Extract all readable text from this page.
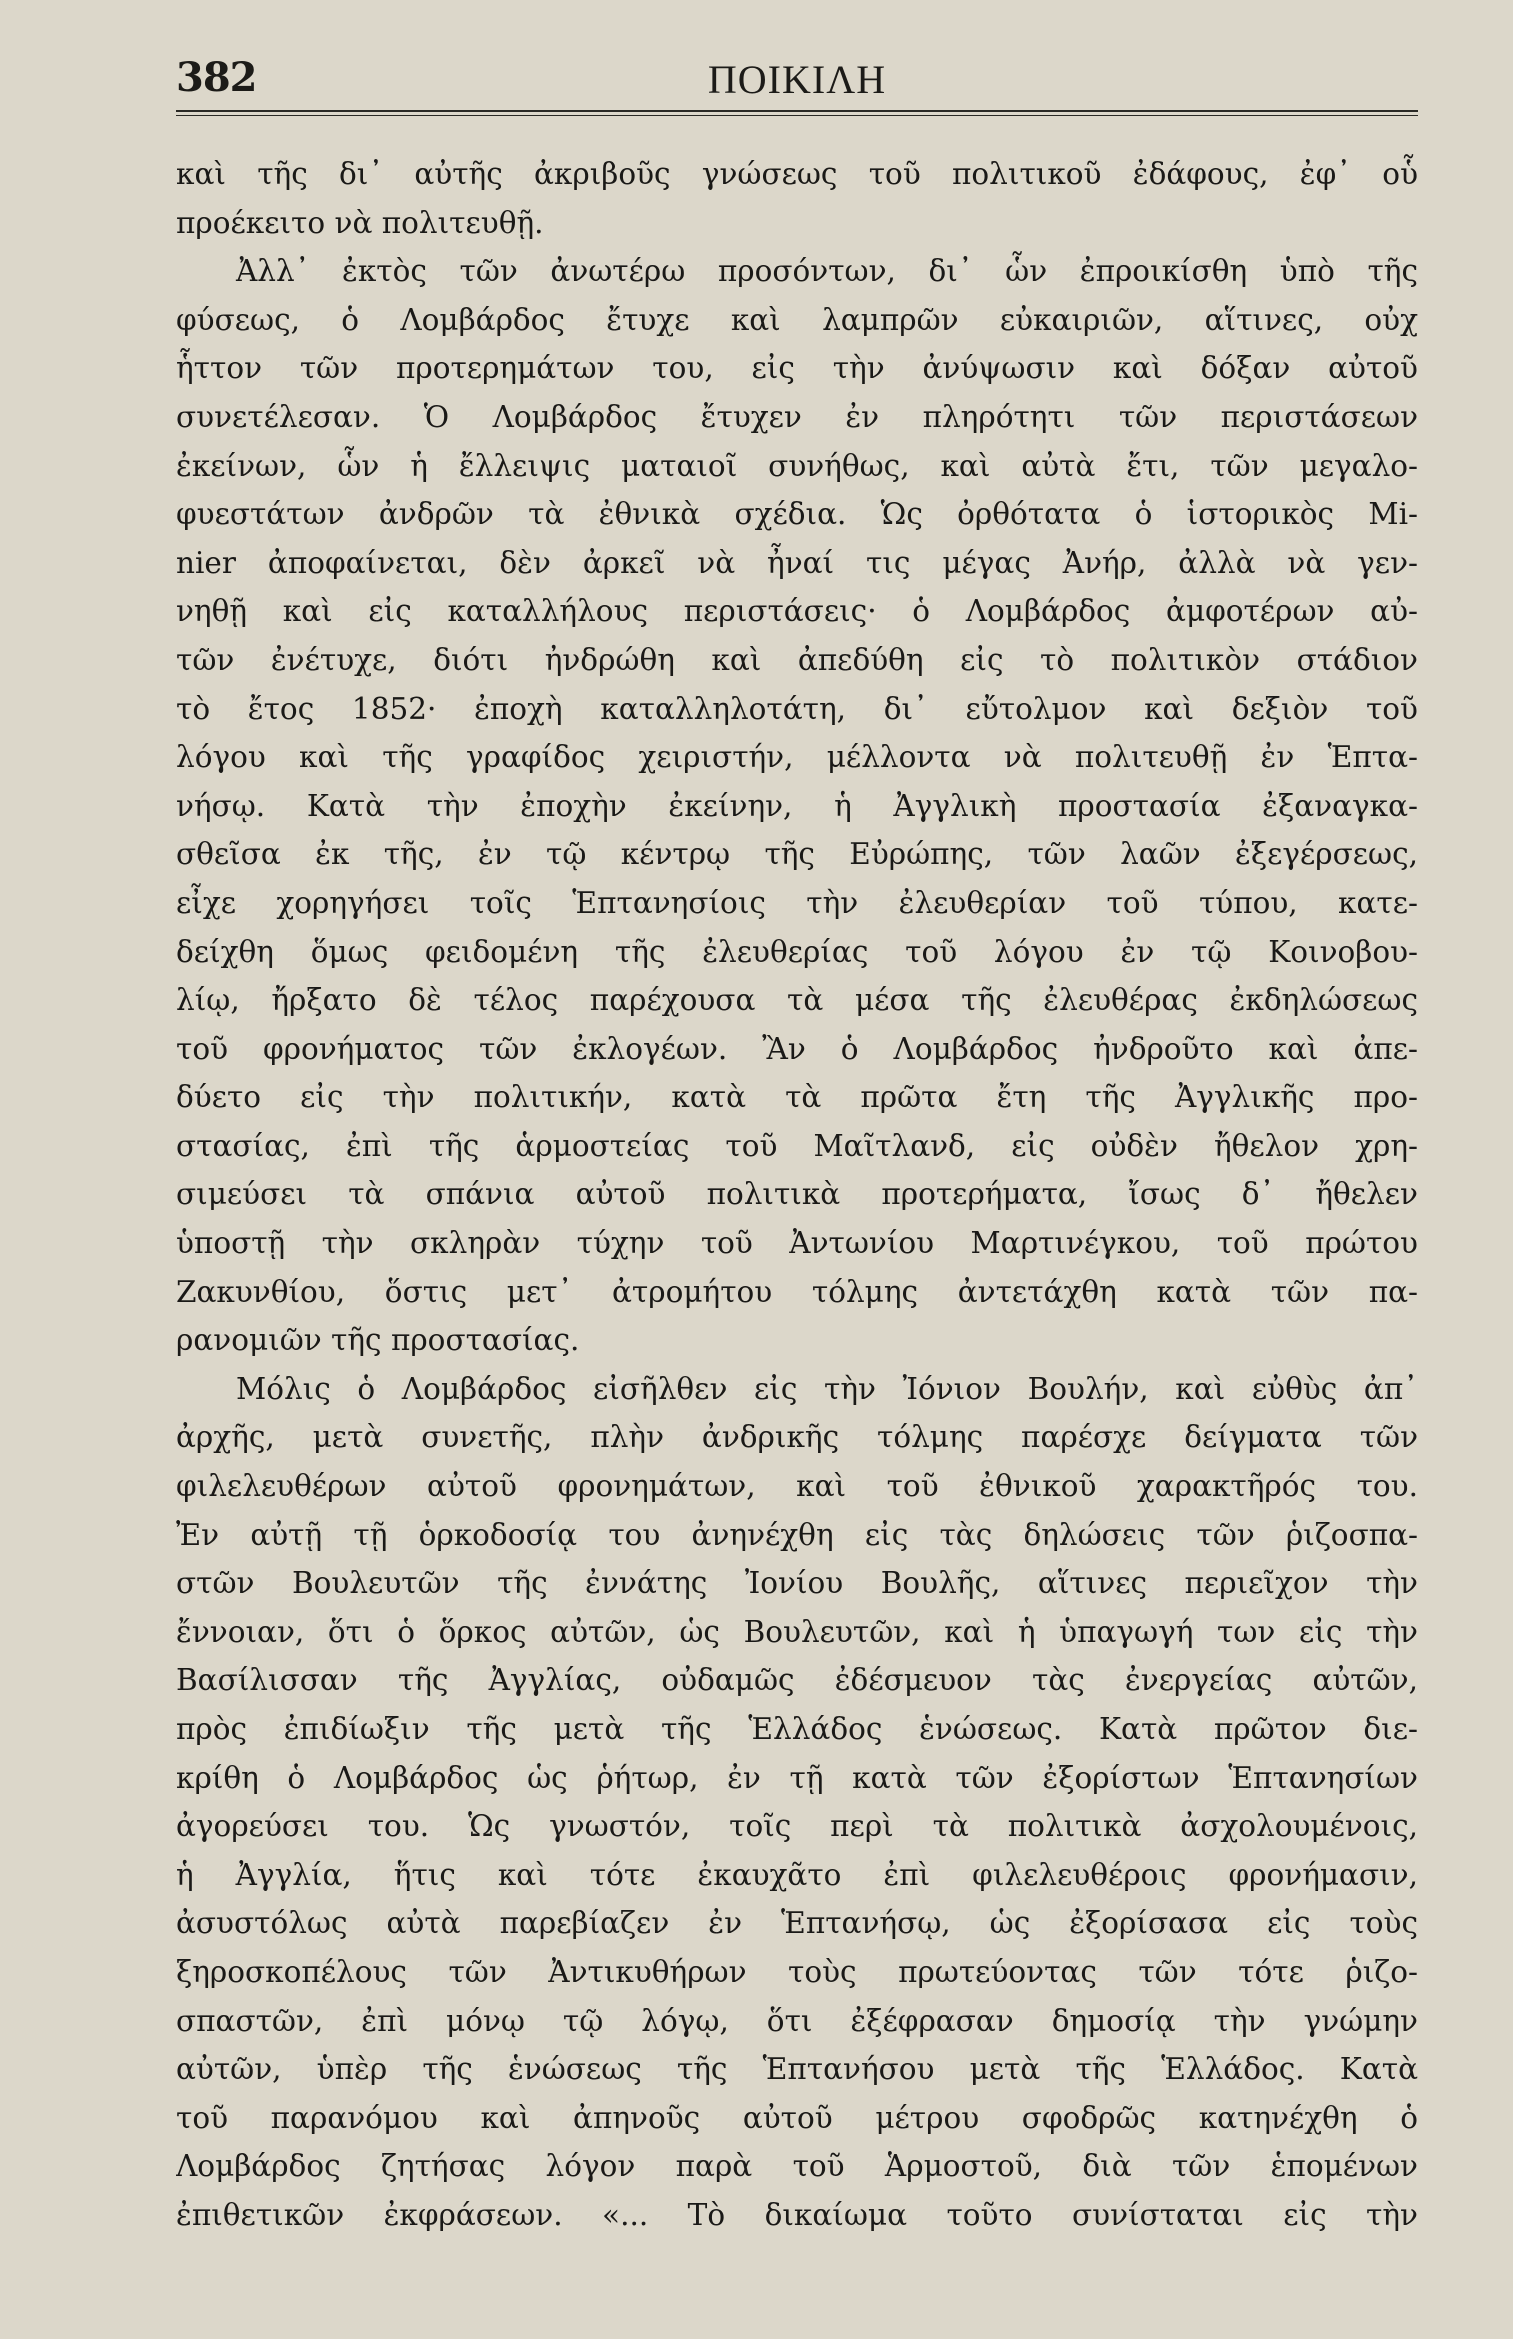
382	ΠΟΙΚΙΛΗ
καὶ τῆς δι᾽ αὐτῆς ἀκριβοῦς γνώσεως τοῦ πολιτικοῦ ἐδάφους, ἐφ᾽ οὗ
προέκειτο νὰ πολιτευθῇ.
Ἀλλ᾽ ἐκτὸς τῶν ἀνωτέρω προσόντων, δι᾽ ὧν ἐπροικίσθη ὑπὸ τῆς
φύσεως, ὁ Λομβάρδος ἔτυχε καὶ λαμπρῶν εὐκαιριῶν, αἵτινες, οὐχ
ἧττον τῶν προτερημάτων του, εἰς τὴν ἀνύψωσιν καὶ δόξαν αὐτοῦ
συνετέλεσαν. Ὁ Λομβάρδος ἔτυχεν ἐν πληρότητι τῶν περιστάσεων
ἐκείνων, ὧν ἡ ἔλλειψις ματαιοῖ συνήθως, καὶ αὐτὰ ἔτι, τῶν μεγαλο-
φυεστάτων ἀνδρῶν τὰ ἐθνικὰ σχέδια. Ὡς ὀρθότατα ὁ ἱστορικὸς Mi-
nier ἀποφαίνεται, δὲν ἀρκεῖ νὰ ἦναί τις μέγας Ἀνήρ, ἀλλὰ νὰ γεν-
νηθῇ καὶ εἰς καταλλήλους περιστάσεις· ὁ Λομβάρδος ἀμφοτέρων αὐ-
τῶν ἐνέτυχε, διότι ἠνδρώθη καὶ ἀπεδύθη εἰς τὸ πολιτικὸν στάδιον
τὸ ἔτος 1852· ἐποχὴ καταλληλοτάτη, δι᾽ εὔτολμον καὶ δεξιὸν τοῦ
λόγου καὶ τῆς γραφίδος χειριστήν, μέλλοντα νὰ πολιτευθῇ ἐν Ἑπτα-
νήσῳ. Κατὰ τὴν ἐποχὴν ἐκείνην, ἡ Ἀγγλικὴ προστασία ἐξαναγκα-
σθεῖσα ἐκ τῆς, ἐν τῷ κέντρῳ τῆς Εὐρώπης, τῶν λαῶν ἐξεγέρσεως,
εἶχε χορηγήσει τοῖς Ἑπτανησίοις τὴν ἐλευθερίαν τοῦ τύπου, κατε-
δείχθη ὅμως φειδομένη τῆς ἐλευθερίας τοῦ λόγου ἐν τῷ Κοινοβου-
λίῳ, ἤρξατο δὲ τέλος παρέχουσα τὰ μέσα τῆς ἐλευθέρας ἐκδηλώσεως
τοῦ φρονήματος τῶν ἐκλογέων. Ἂν ὁ Λομβάρδος ἠνδροῦτο καὶ ἀπε-
δύετο εἰς τὴν πολιτικήν, κατὰ τὰ πρῶτα ἔτη τῆς Ἀγγλικῆς προ-
στασίας, ἐπὶ τῆς ἁρμοστείας τοῦ Μαῖτλανδ, εἰς οὐδὲν ἤθελον χρη-
σιμεύσει τὰ σπάνια αὐτοῦ πολιτικὰ προτερήματα, ἴσως δ᾽ ἤθελεν
ὑποστῇ τὴν σκληρὰν τύχην τοῦ Ἀντωνίου Μαρτινέγκου, τοῦ πρώτου
Ζακυνθίου, ὅστις μετ᾽ ἀτρομήτου τόλμης ἀντετάχθη κατὰ τῶν πα-
ρανομιῶν τῆς προστασίας.
Μόλις ὁ Λομβάρδος εἰσῆλθεν εἰς τὴν Ἰόνιον Βουλήν, καὶ εὐθὺς ἀπ᾽
ἀρχῆς, μετὰ συνετῆς, πλὴν ἀνδρικῆς τόλμης παρέσχε δείγματα τῶν
φιλελευθέρων αὐτοῦ φρονημάτων, καὶ τοῦ ἐθνικοῦ χαρακτῆρός του.
Ἐν αὐτῇ τῇ ὁρκοδοσίᾳ του ἀνηνέχθη εἰς τὰς δηλώσεις τῶν ῥιζοσπα-
στῶν Βουλευτῶν τῆς ἐννάτης Ἰονίου Βουλῆς, αἵτινες περιεῖχον τὴν
ἔννοιαν, ὅτι ὁ ὅρκος αὐτῶν, ὡς Βουλευτῶν, καὶ ἡ ὑπαγωγή των εἰς τὴν
Βασίλισσαν τῆς Ἀγγλίας, οὐδαμῶς ἐδέσμευον τὰς ἐνεργείας αὐτῶν,
πρὸς ἐπιδίωξιν τῆς μετὰ τῆς Ἑλλάδος ἑνώσεως. Κατὰ πρῶτον διε-
κρίθη ὁ Λομβάρδος ὡς ῥήτωρ, ἐν τῇ κατὰ τῶν ἐξορίστων Ἑπτανησίων
ἀγορεύσει του. Ὡς γνωστόν, τοῖς περὶ τὰ πολιτικὰ ἀσχολουμένοις,
ἡ Ἀγγλία, ἥτις καὶ τότε ἐκαυχᾶτο ἐπὶ φιλελευθέροις φρονήμασιν,
ἀσυστόλως αὐτὰ παρεβίαζεν ἐν Ἑπτανήσῳ, ὡς ἐξορίσασα εἰς τοὺς
ξηροσκοπέλους τῶν Ἀντικυθήρων τοὺς πρωτεύοντας τῶν τότε ῥιζο-
σπαστῶν, ἐπὶ μόνῳ τῷ λόγῳ, ὅτι ἐξέφρασαν δημοσίᾳ τὴν γνώμην
αὐτῶν, ὑπὲρ τῆς ἑνώσεως τῆς Ἑπτανήσου μετὰ τῆς Ἑλλάδος. Κατὰ
τοῦ παρανόμου καὶ ἀπηνοῦς αὐτοῦ μέτρου σφοδρῶς κατηνέχθη ὁ
Λομβάρδος ζητήσας λόγον παρὰ τοῦ Ἁρμοστοῦ, διὰ τῶν ἑπομένων
ἐπιθετικῶν ἐκφράσεων. «... Τὸ δικαίωμα τοῦτο συνίσταται εἰς τὴν
